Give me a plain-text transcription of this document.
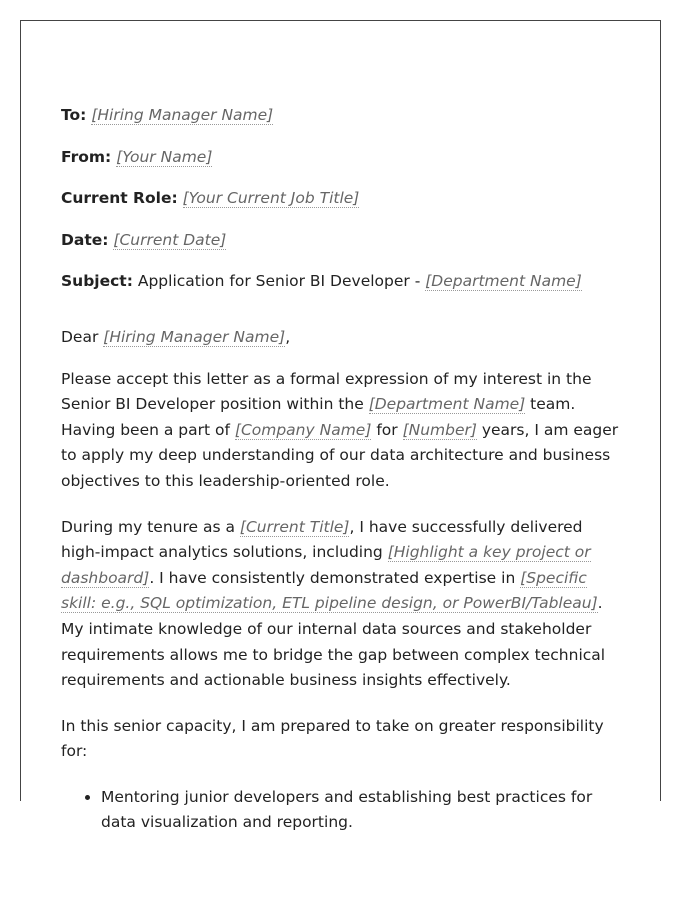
To: [Hiring Manager Name]

From: [Your Name]

Current Role: [Your Current Job Title]

Date: [Current Date]

Subject: Application for Senior BI Developer - [Department Name]

Dear [Hiring Manager Name],

Please accept this letter as a formal expression of my interest in the Senior BI Developer position within the [Department Name] team. Having been a part of [Company Name] for [Number] years, I am eager to apply my deep understanding of our data architecture and business objectives to this leadership-oriented role.

During my tenure as a [Current Title], I have successfully delivered high-impact analytics solutions, including [Highlight a key project or dashboard]. I have consistently demonstrated expertise in [Specific skill: e.g., SQL optimization, ETL pipeline design, or PowerBI/Tableau]. My intimate knowledge of our internal data sources and stakeholder requirements allows me to bridge the gap between complex technical requirements and actionable business insights effectively.

In this senior capacity, I am prepared to take on greater responsibility for:

• Mentoring junior developers and establishing best practices for data visualization and reporting.
